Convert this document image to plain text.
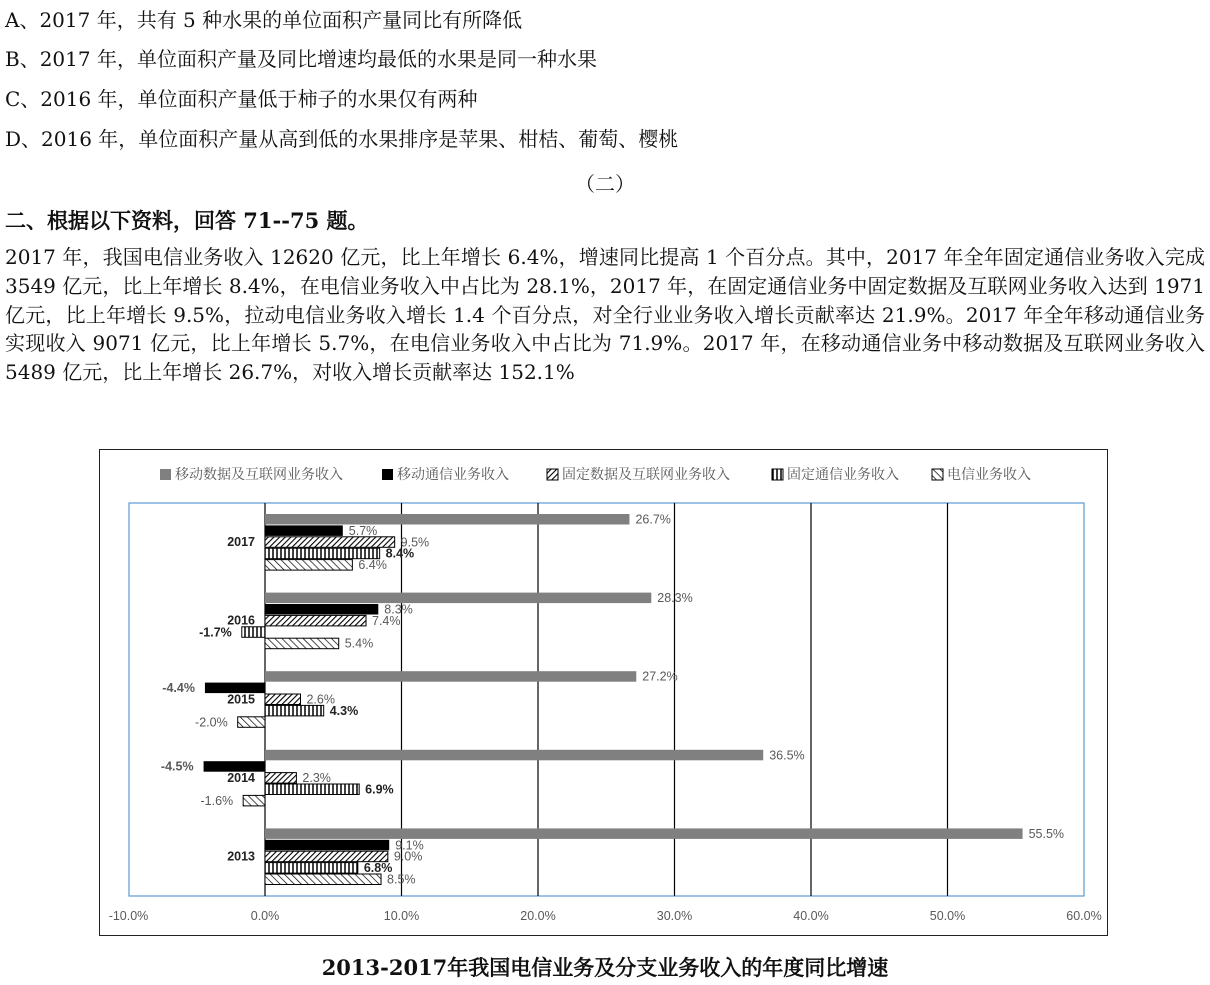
A、2017 年，共有 5 种水果的单位面积产量同比有所降低
B、2017 年，单位面积产量及同比增速均最低的水果是同一种水果
C、2016 年，单位面积产量低于柿子的水果仅有两种
D、2016 年，单位面积产量从高到低的水果排序是苹果、柑桔、葡萄、樱桃
（二）
二、根据以下资料，回答 71--75 题。
2017 年，我国电信业务收入 12620 亿元，比上年增长 6.4%，增速同比提高 1 个百分点。其中，2017 年全年固定通信业务收入完成 3549 亿元，比上年增长 8.4%，在电信业务收入中占比为 28.1%，2017 年，在固定通信业务中固定数据及互联网业务收入达到 1971 亿元，比上年增长 9.5%，拉动电信业务收入增长 1.4 个百分点，对全行业业务收入增长贡献率达 21.9%。2017 年全年移动通信业务实现收入 9071 亿元，比上年增长 5.7%，在电信业务收入中占比为 71.9%。2017 年，在移动通信业务中移动数据及互联网业务收入 5489 亿元，比上年增长 26.7%，对收入增长贡献率达 152.1%
移动数据及互联网业务收入	移动通信业务收入	固定数据及互联网业务收入	固定通信业务收入	电信业务收入
-10.0%	0.0%	10.0%	20.0%	30.0%	40.0%	50.0%	60.0%
2017
26.7%
5.7%
9.5%
8.4%
6.4%
2016
28.3%
8.3%
7.4%
-1.7%
5.4%
2015
27.2%
-4.4%
2.6%
4.3%
-2.0%
2014
36.5%
-4.5%
2.3%
6.9%
-1.6%
2013
55.5%
9.1%
9.0%
6.8%
8.5%
2013-2017年我国电信业务及分支业务收入的年度同比增速
